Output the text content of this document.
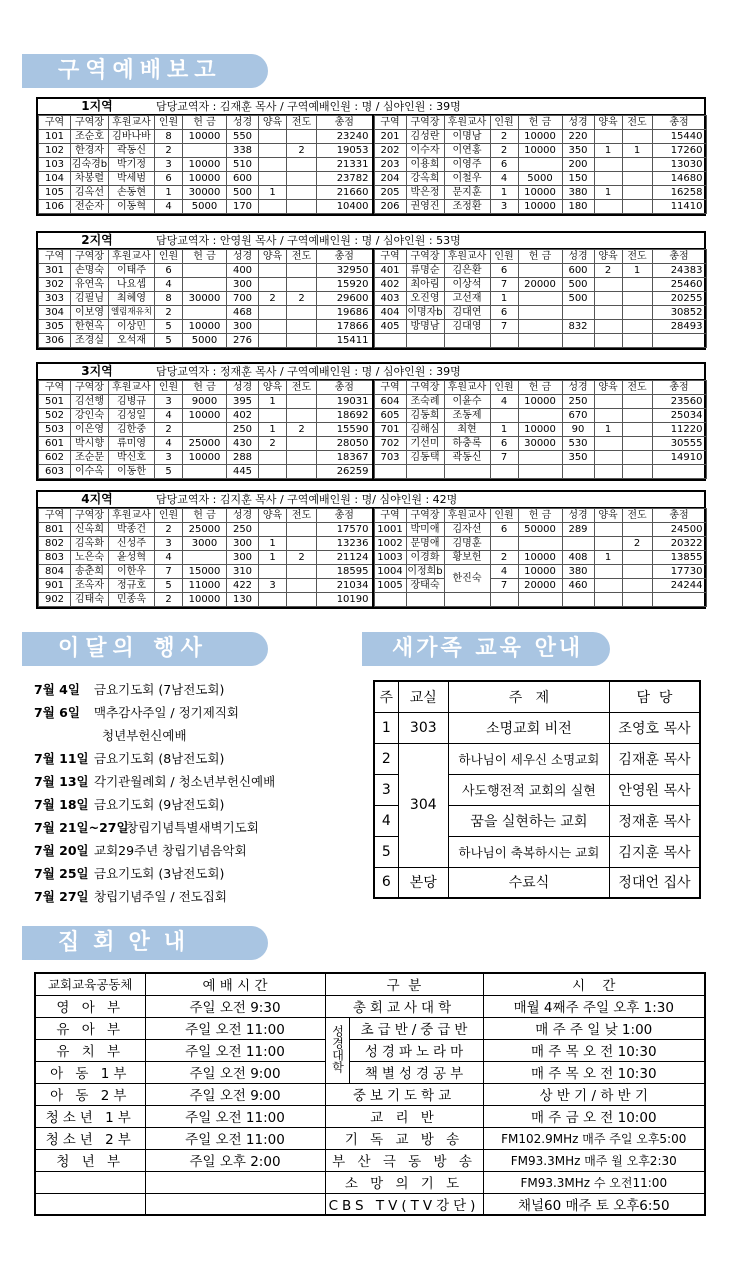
구역예배보고
1지역	담당교역자 : 김재훈 목사 / 구역예배인원 : 명 / 심야인원 : 39명
구역	구역장	후원교사	인원	헌 금	성경	양육	전도	총점
101	조순호	김바나바	8	10000	550			23240
102	한경자	곽동신	2		338		2	19053
103	김숙경b	박기정	3	10000	510			21331
104	차봉렬	박세범	6	10000	600			23782
105	김옥선	손동현	1	30000	500	1		21660
106	전순자	이동혁	4	5000	170			10400
구역	구역장	후원교사	인원	헌 금	성경	양육	전도	총점
201	김성란	이명남	2	10000	220			15440
202	이수자	이연홍	2	10000	350	1	1	17260
203	이용희	이영주	6		200			13030
204	강옥희	이철우	4	5000	150			14680
205	박은정	문지훈	1	10000	380	1		16258
206	권영진	조정환	3	10000	180			11410
2지역	담당교역자 : 안영원 목사 / 구역예배인원 : 명 / 심야인원 : 53명
구역	구역장	후원교사	인원	헌 금	성경	양육	전도	총점
301	손명숙	이태주	6		400			32950
302	유연옥	나요셉	4		300			15920
303	김필님	최혜영	8	30000	700	2	2	29600
304	이보영	엘림재유치	2		468			19686
305	한현옥	이상민	5	10000	300			17866
306	조경실	오석재	5	5000	276			15411
구역	구역장	후원교사	인원	헌 금	성경	양육	전도	총점
401	류명순	김은환	6		600	2	1	24383
402	최아림	이상석	7	20000	500			25460
403	오진영	고선재	1		500			20255
404	이명자b	김대연	6					30852
405	방명남	김대영	7		832			28493

3지역	담당교역자 : 정재훈 목사 / 구역예배인원 : 명 / 심야인원 : 39명
구역	구역장	후원교사	인원	헌 금	성경	양육	전도	총점
501	김선행	김병규	3	9000	395	1		19031
502	강인숙	김성일	4	10000	402			18692
503	이은영	김한중	2		250	1	2	15590
601	박시향	류미영	4	25000	430	2		28050
602	조순문	박신호	3	10000	288			18367
603	이수옥	이동한	5		445			26259
구역	구역장	후원교사	인원	헌 금	성경	양육	전도	총점
604	조숙례	이윤수	4	10000	250			23560
605	김동희	조동제			670			25034
701	김해심	최현	1	10000	90	1		11220
702	기선미	하충록	6	30000	530			30555
703	김동택	곽동신	7		350			14910

4지역	담당교역자 : 김지훈 목사 / 구역예배인원 : 명/ 심야인원 : 42명
구역	구역장	후원교사	인원	헌 금	성경	양육	전도	총점
801	신옥희	박종건	2	25000	250			17570
802	김옥화	신성주	3	3000	300	1		13236
803	노은숙	윤성혁	4		300	1	2	21124
804	송춘희	이한우	7	15000	310			18595
901	조옥자	정규호	5	11000	422	3		21034
902	김태숙	민종욱	2	10000	130			10190
구역	구역장	후원교사	인원	헌 금	성경	양육	전도	총점
1001	박미애	김자선	6	50000	289			24500
1002	문명애	김명훈					2	20322
1003	이경화	황보헌	2	10000	408	1		13855
1004	이정희b	한진숙	4	10000	380			17730
1005	장태숙		7	20000	460			24244

이달의 행사
7월 4일	금요기도회 (7남전도회)
7월 6일	맥추감사주일 / 정기제직회
청년부헌신예배
7월 11일 금요기도회 (8남전도회)
7월 13일 각기관월례회 / 청소년부헌신예배
7월 18일 금요기도회 (9남전도회)
7월 21일~27일
창립기념특별새벽기도회
7월 20일 교회29주년 창립기념음악회
7월 25일 금요기도회 (3남전도회)
7월 27일 창립기념주일 / 전도집회
새가족 교육 안내
주	교실	주   제	담  당
1	303	소명교회 비전	조영호 목사
2	304	하나님이 세우신 소명교회	김재훈 목사
3		사도행전적 교회의 실현	안영원 목사
4		꿈을 실현하는 교회	정재훈 목사
5		하나님이 축복하시는 교회	김지훈 목사
6	본당	수료식	정대언 집사
집회안내
교회교육공동체	예 배 시 간	구  분		시    간
영 아 부	주일 오전 9:30	총회교사대학		매월 4째주 주일 오후 1:30
유 아 부	주일 오전 11:00	성경대학	초급반/중급반	매 주 주 일 낮 1:00
유 치 부	주일 오전 11:00		성경파노라마	매 주 목 오 전 10:30
아 동 1부	주일 오전 9:00		책별성경공부	매 주 목 오 전 10:30
아 동 2부	주일 오전 9:00	중보기도학교		상 반 기 / 하 반 기
청소년 1부	주일 오전 11:00	교 리 반		매 주 금 오 전 10:00
청소년 2부	주일 오전 11:00	기 독 교 방 송		FM102.9MHz 매주 주일 오후5:00
청 년 부	주일 오후 2:00	부 산 극 동 방 송		FM93.3MHz 매주 월 오후2:30
		소 망 의 기 도		FM93.3MHz 수 오전11:00
		CBS TV(TV강단)		채널60 매주 토 오후6:50
